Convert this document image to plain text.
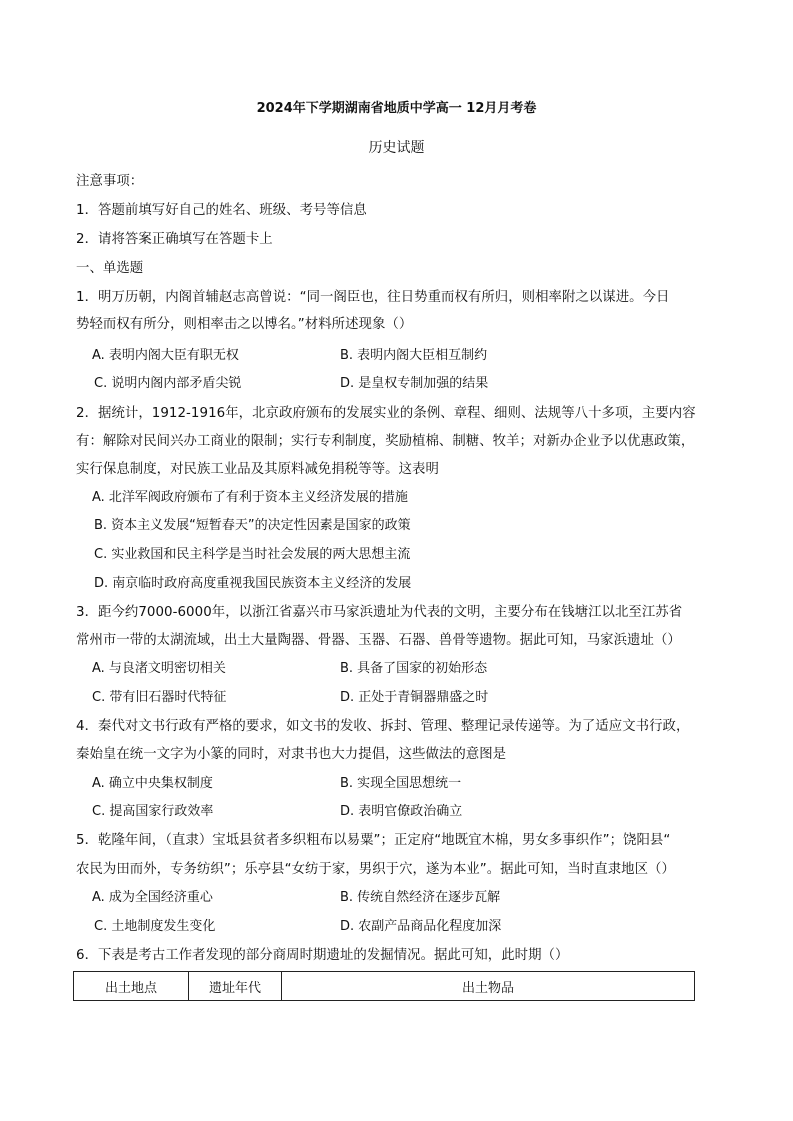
2024年下学期湖南省地质中学高一 12月月考卷
历史试题
注意事项：
1．答题前填写好自己的姓名、班级、考号等信息
2．请将答案正确填写在答题卡上
一、单选题
1．明万历朝，内阁首辅赵志高曾说：“同一阁臣也，往日势重而权有所归，则相率附之以谋进。今日
势轻而权有所分，则相率击之以博名。”材料所述现象（）
A. 表明内阁大臣有职无权	B. 表明内阁大臣相互制约
C. 说明内阁内部矛盾尖锐	D. 是皇权专制加强的结果
2．据统计，1912-1916年，北京政府颁布的发展实业的条例、章程、细则、法规等八十多项，主要内容
有：解除对民间兴办工商业的限制；实行专利制度，奖励植棉、制糖、牧羊；对新办企业予以优惠政策，
实行保息制度，对民族工业品及其原料减免捐税等等。这表明
A. 北洋军阀政府颁布了有利于资本主义经济发展的措施
B. 资本主义发展“短暂春天”的决定性因素是国家的政策
C. 实业救国和民主科学是当时社会发展的两大思想主流
D. 南京临时政府高度重视我国民族资本主义经济的发展
3．距今约7000-6000年，以浙江省嘉兴市马家浜遗址为代表的文明，主要分布在钱塘江以北至江苏省
常州市一带的太湖流域，出土大量陶器、骨器、玉器、石器、兽骨等遗物。据此可知，马家浜遗址（）
A. 与良渚文明密切相关	B. 具备了国家的初始形态
C. 带有旧石器时代特征	D. 正处于青铜器鼎盛之时
4．秦代对文书行政有严格的要求，如文书的发收、拆封、管理、整理记录传递等。为了适应文书行政，
秦始皇在统一文字为小篆的同时，对隶书也大力提倡，这些做法的意图是
A. 确立中央集权制度	B. 实现全国思想统一
C. 提高国家行政效率	D. 表明官僚政治确立
5．乾隆年间，（直隶）宝坻县贫者多织粗布以易粟”；正定府“地既宜木棉，男女多事织作”；饶阳县“
农民为田而外，专务纺织”；乐亭县“女纺于家，男织于穴，遂为本业”。据此可知，当时直隶地区（）
A. 成为全国经济重心	B. 传统自然经济在逐步瓦解
C. 土地制度发生变化	D. 农副产品商品化程度加深
6．下表是考古工作者发现的部分商周时期遗址的发掘情况。据此可知，此时期（）
出土地点	遗址年代	出土物品
